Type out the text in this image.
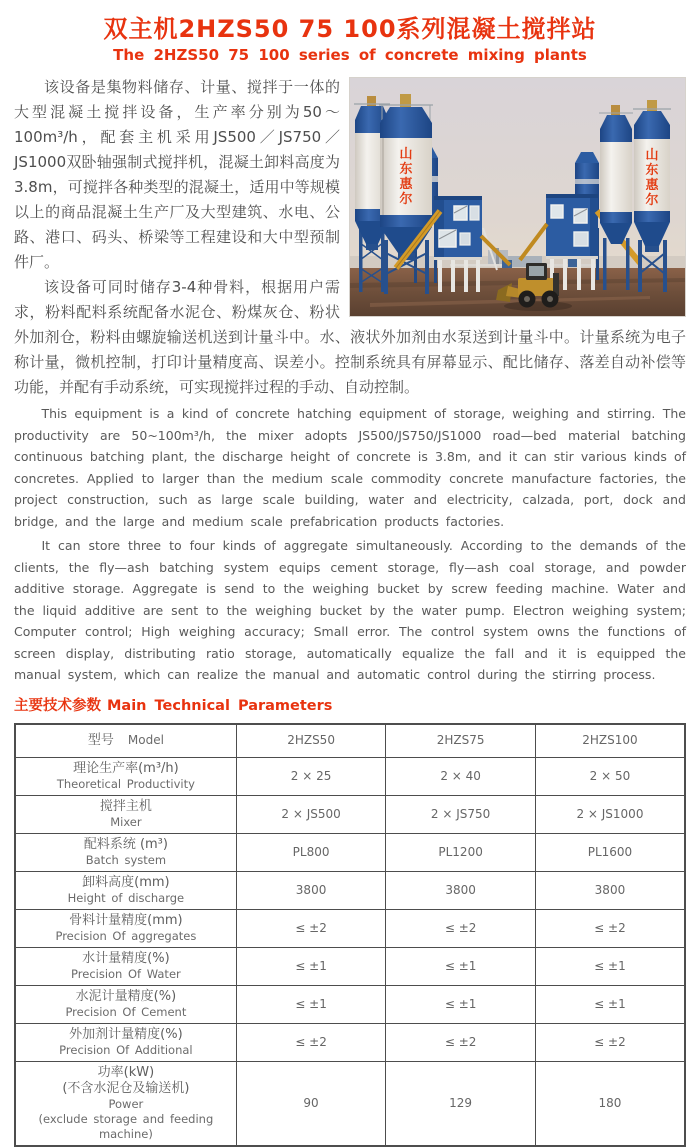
双主机2HZS50 75 100系列混凝土搅拌站
The 2HZS50 75 100 series of concrete mixing plants
山
东
惠
尔
山
东
惠
尔

该设备是集物料储存、计量、搅拌于一体的大型混凝土搅拌设备，生产率分别为50～100m³/h，配套主机采用JS500／JS750／JS1000双卧轴强制式搅拌机，混凝土卸料高度为3.8m，可搅拌各种类型的混凝土，适用中等规模以上的商品混凝土生产厂及大型建筑、水电、公路、港口、码头、桥梁等工程建设和大中型预制件厂。

该设备可同时储存3-4种骨料，根据用户需求，粉料配料系统配备水泥仓、粉煤灰仓、粉状外加剂仓，粉料由螺旋输送机送到计量斗中。水、液状外加剂由水泵送到计量斗中。计量系统为电子称计量，微机控制，打印计量精度高、误差小。控制系统具有屏幕显示、配比储存、落差自动补偿等功能，并配有手动系统，可实现搅拌过程的手动、自动控制。

This equipment is a kind of concrete hatching equipment of storage, weighing and stirring. The productivity are 50~100m³/h, the mixer adopts JS500/JS750/JS1000 road—bed material batching continuous batching plant, the discharge height of concrete is 3.8m, and it can stir various kinds of concretes. Applied to larger than the medium scale commodity concrete manufacture factories, the project construction, such as large scale building, water and electricity, calzada, port, dock and bridge, and the large and medium scale prefabrication products factories.

It can store three to four kinds of aggregate simultaneously. According to the demands of the clients, the fly—ash batching system equips cement storage, fly—ash coal storage, and powder additive storage. Aggregate is send to the weighing bucket by screw feeding machine. Water and the liquid additive are sent to the weighing bucket by the water pump. Electron weighing system; Computer control; High weighing accuracy; Small error. The control system owns the functions of screen display, distributing ratio storage, automatically equalize the fall and it is equipped the manual system, which can realize the manual and automatic control during the stirring process.

主要技术参数 Main Technical Parameters
型号 Model	2HZS50	2HZS75	2HZS100

理论生产率(m³/h)
Theoretical Productivity	2 × 25	2 × 40	2 × 50

搅拌主机
Mixer	2 × JS500	2 × JS750	2 × JS1000

配料系统 (m³)
Batch system	PL800	PL1200	PL1600

卸料高度(mm)
Height of discharge	3800	3800	3800

骨料计量精度(mm)
Precision Of aggregates	≤ ±2	≤ ±2	≤ ±2

水计量精度(%)
Precision Of Water	≤ ±1	≤ ±1	≤ ±1

水泥计量精度(%)
Precision Of Cement	≤ ±1	≤ ±1	≤ ±1

外加剂计量精度(%)
Precision Of Additional	≤ ±2	≤ ±2	≤ ±2

功率(kW)
(不含水泥仓及输送机)
Power
(exclude storage and feeding machine)	90	129	180
